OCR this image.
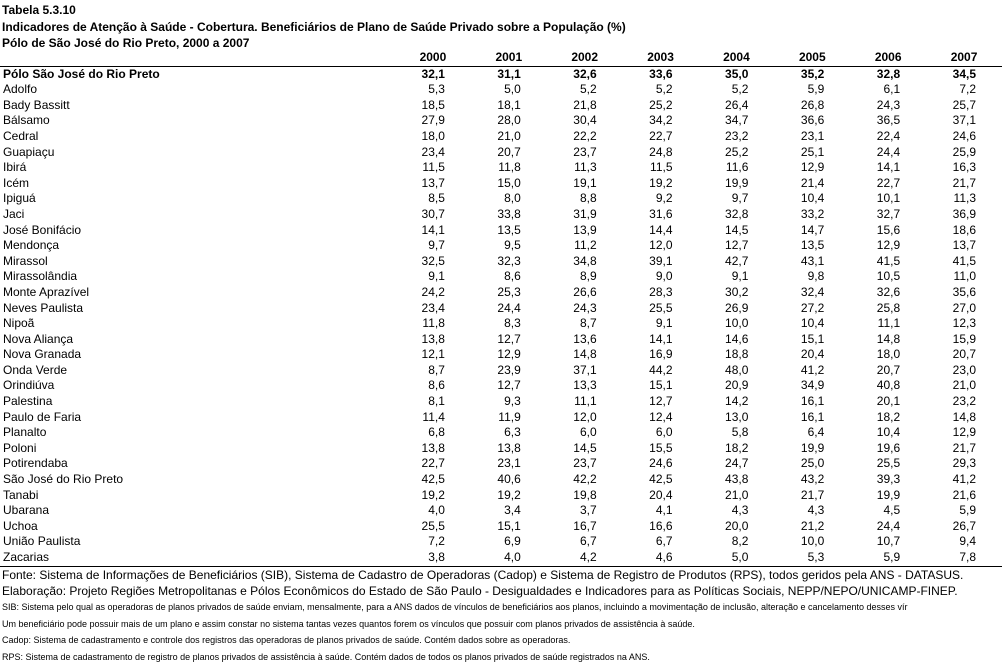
Tabela 5.3.10
Indicadores de Atenção à Saúde - Cobertura. Beneficiários de Plano de Saúde Privado sobre a População (%)
Pólo de São José do Rio Preto, 2000 a 2007
	2000	2001	2002	2003	2004	2005	2006	2007
Pólo São José do Rio Preto	32,1	31,1	32,6	33,6	35,0	35,2	32,8	34,5
Adolfo	5,3	5,0	5,2	5,2	5,2	5,9	6,1	7,2
Bady Bassitt	18,5	18,1	21,8	25,2	26,4	26,8	24,3	25,7
Bálsamo	27,9	28,0	30,4	34,2	34,7	36,6	36,5	37,1
Cedral	18,0	21,0	22,2	22,7	23,2	23,1	22,4	24,6
Guapiaçu	23,4	20,7	23,7	24,8	25,2	25,1	24,4	25,9
Ibirá	11,5	11,8	11,3	11,5	11,6	12,9	14,1	16,3
Icém	13,7	15,0	19,1	19,2	19,9	21,4	22,7	21,7
Ipiguá	8,5	8,0	8,8	9,2	9,7	10,4	10,1	11,3
Jaci	30,7	33,8	31,9	31,6	32,8	33,2	32,7	36,9
José Bonifácio	14,1	13,5	13,9	14,4	14,5	14,7	15,6	18,6
Mendonça	9,7	9,5	11,2	12,0	12,7	13,5	12,9	13,7
Mirassol	32,5	32,3	34,8	39,1	42,7	43,1	41,5	41,5
Mirassolândia	9,1	8,6	8,9	9,0	9,1	9,8	10,5	11,0
Monte Aprazível	24,2	25,3	26,6	28,3	30,2	32,4	32,6	35,6
Neves Paulista	23,4	24,4	24,3	25,5	26,9	27,2	25,8	27,0
Nipoã	11,8	8,3	8,7	9,1	10,0	10,4	11,1	12,3
Nova Aliança	13,8	12,7	13,6	14,1	14,6	15,1	14,8	15,9
Nova Granada	12,1	12,9	14,8	16,9	18,8	20,4	18,0	20,7
Onda Verde	8,7	23,9	37,1	44,2	48,0	41,2	20,7	23,0
Orindiúva	8,6	12,7	13,3	15,1	20,9	34,9	40,8	21,0
Palestina	8,1	9,3	11,1	12,7	14,2	16,1	20,1	23,2
Paulo de Faria	11,4	11,9	12,0	12,4	13,0	16,1	18,2	14,8
Planalto	6,8	6,3	6,0	6,0	5,8	6,4	10,4	12,9
Poloni	13,8	13,8	14,5	15,5	18,2	19,9	19,6	21,7
Potirendaba	22,7	23,1	23,7	24,6	24,7	25,0	25,5	29,3
São José do Rio Preto	42,5	40,6	42,2	42,5	43,8	43,2	39,3	41,2
Tanabi	19,2	19,2	19,8	20,4	21,0	21,7	19,9	21,6
Ubarana	4,0	3,4	3,7	4,1	4,3	4,3	4,5	5,9
Uchoa	25,5	15,1	16,7	16,6	20,0	21,2	24,4	26,7
União Paulista	7,2	6,9	6,7	6,7	8,2	10,0	10,7	9,4
Zacarias	3,8	4,0	4,2	4,6	5,0	5,3	5,9	7,8
Fonte: Sistema de Informações de Beneficiários (SIB), Sistema de Cadastro de Operadoras (Cadop) e Sistema de Registro de Produtos (RPS), todos geridos pela ANS - DATASUS.
Elaboração: Projeto Regiões Metropolitanas e Pólos Econômicos do Estado de São Paulo - Desigualdades e Indicadores para as Políticas Sociais, NEPP/NEPO/UNICAMP-FINEP.
SIB: Sistema pelo qual as operadoras de planos privados de saúde enviam, mensalmente, para a ANS dados de vínculos de beneficiários aos planos, incluindo a movimentação de inclusão, alteração e cancelamento desses vír
Um beneficiário pode possuir mais de um plano e assim constar no sistema tantas vezes quantos forem os vínculos que possuir com planos privados de assistência à saúde.
Cadop: Sistema de cadastramento e controle dos registros das operadoras de planos privados de saúde. Contém dados sobre as operadoras.
RPS: Sistema de cadastramento de registro de planos privados de assistência à saúde. Contém dados de todos os planos privados de saúde registrados na ANS.
